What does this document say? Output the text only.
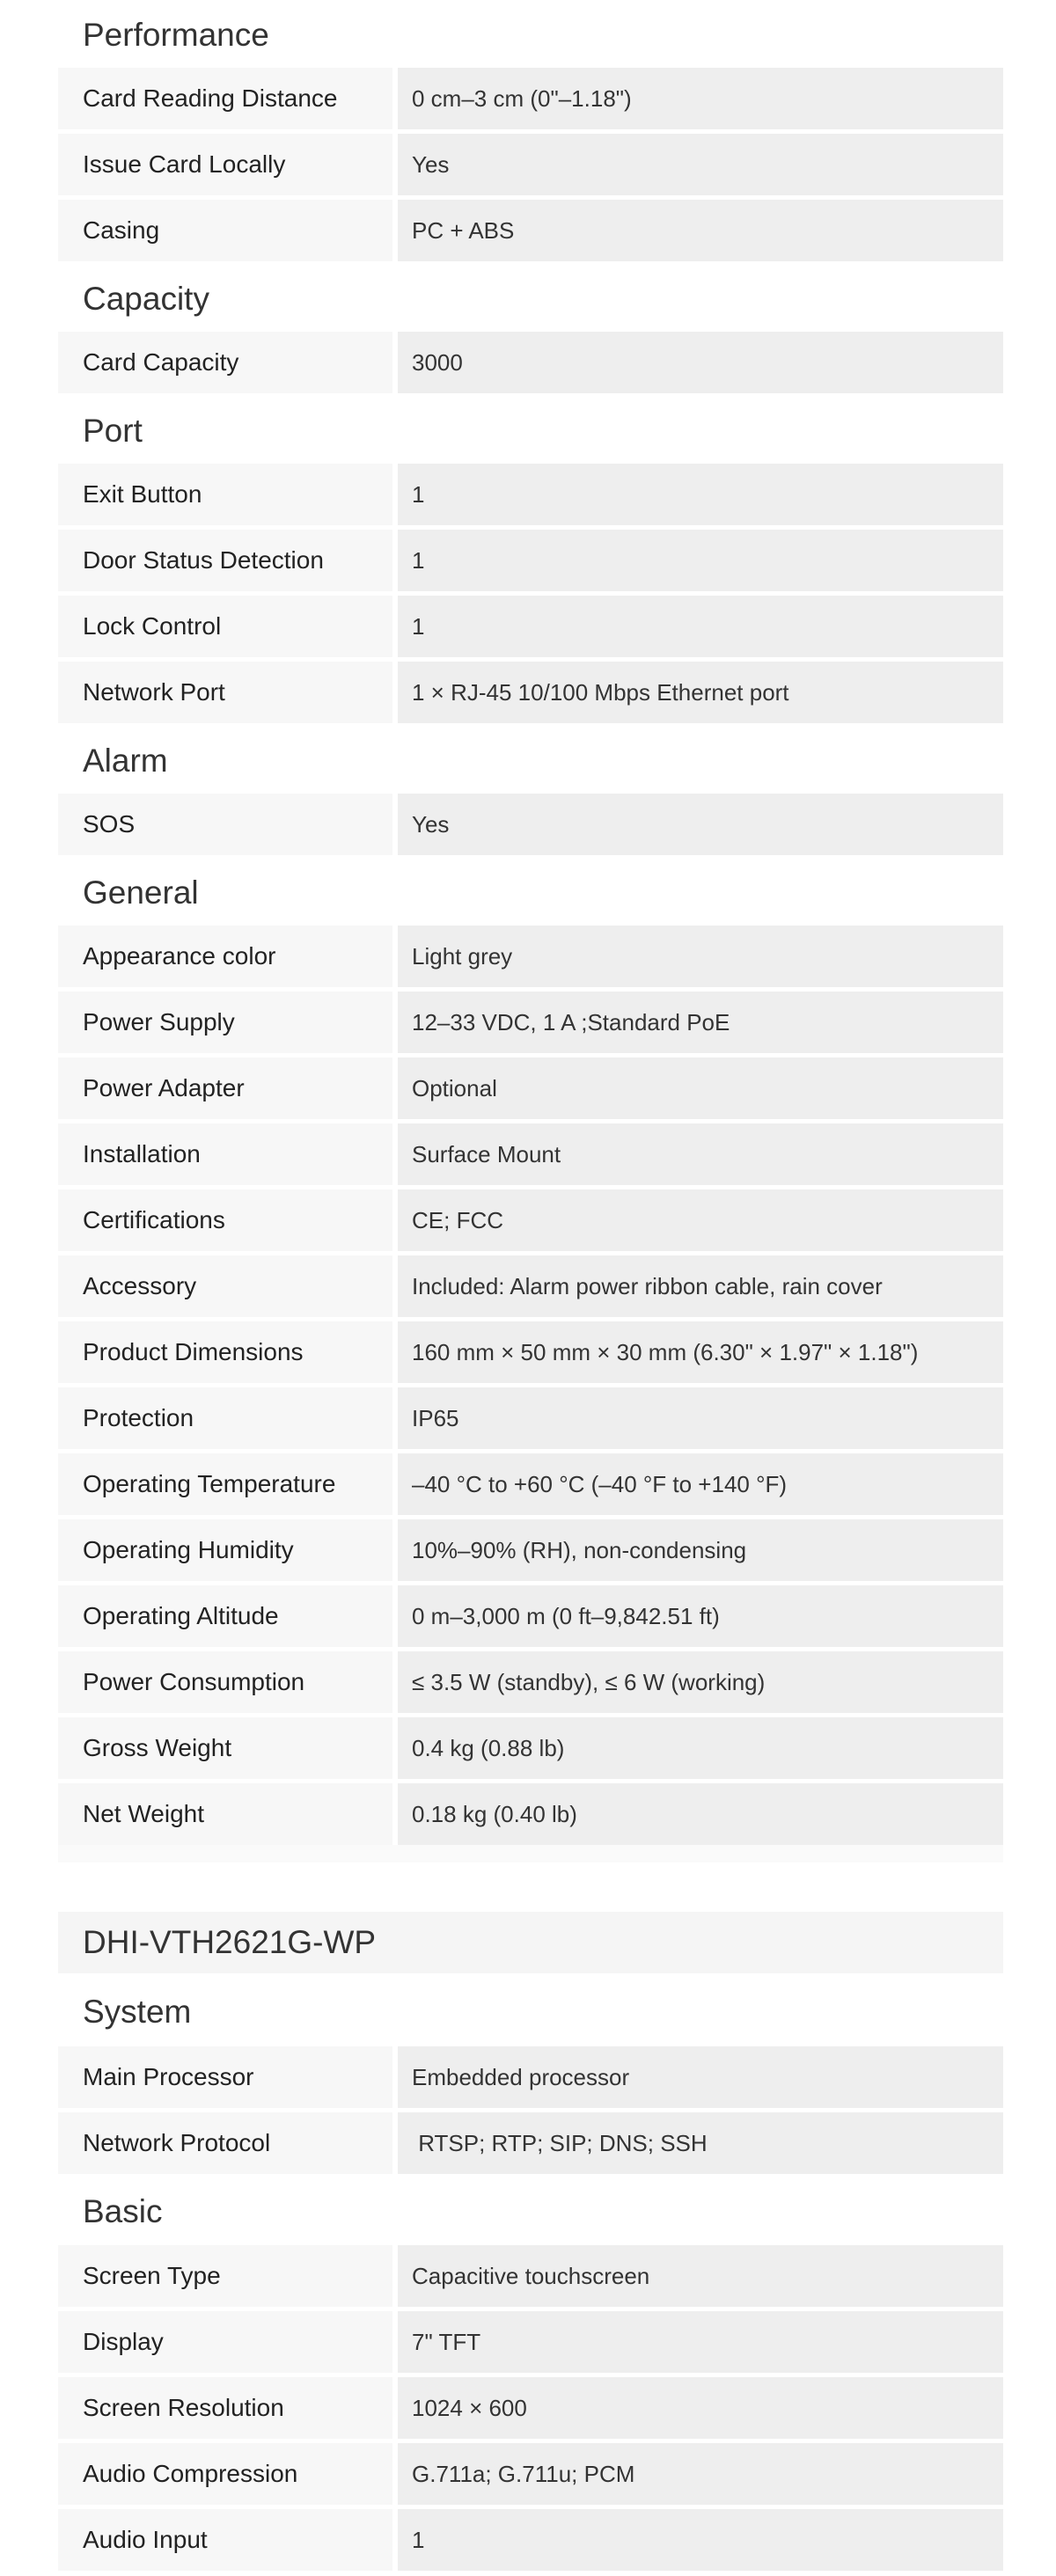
Performance
Card Reading Distance	0 cm–3 cm (0"–1.18")
Issue Card Locally	Yes
Casing	PC + ABS
Capacity
Card Capacity	3000
Port
Exit Button	1
Door Status Detection	1
Lock Control	1
Network Port	1 × RJ-45 10/100 Mbps Ethernet port
Alarm
SOS	Yes
General
Appearance color	Light grey
Power Supply	12–33 VDC, 1 A ;Standard PoE
Power Adapter	Optional
Installation	Surface Mount
Certifications	CE; FCC
Accessory	Included: Alarm power ribbon cable, rain cover
Product Dimensions	160 mm × 50 mm × 30 mm (6.30" × 1.97" × 1.18")
Protection	IP65
Operating Temperature	–40 °C to +60 °C (–40 °F to +140 °F)
Operating Humidity	10%–90% (RH), non-condensing
Operating Altitude	0 m–3,000 m (0 ft–9,842.51 ft)
Power Consumption	≤ 3.5 W (standby), ≤ 6 W (working)
Gross Weight	0.4 kg (0.88 lb)
Net Weight	0.18 kg (0.40 lb)
DHI-VTH2621G-WP
System
Main Processor	Embedded processor
Network Protocol	RTSP; RTP; SIP; DNS; SSH
Basic
Screen Type	Capacitive touchscreen
Display	7" TFT
Screen Resolution	1024 × 600
Audio Compression	G.711a; G.711u; PCM
Audio Input	1
